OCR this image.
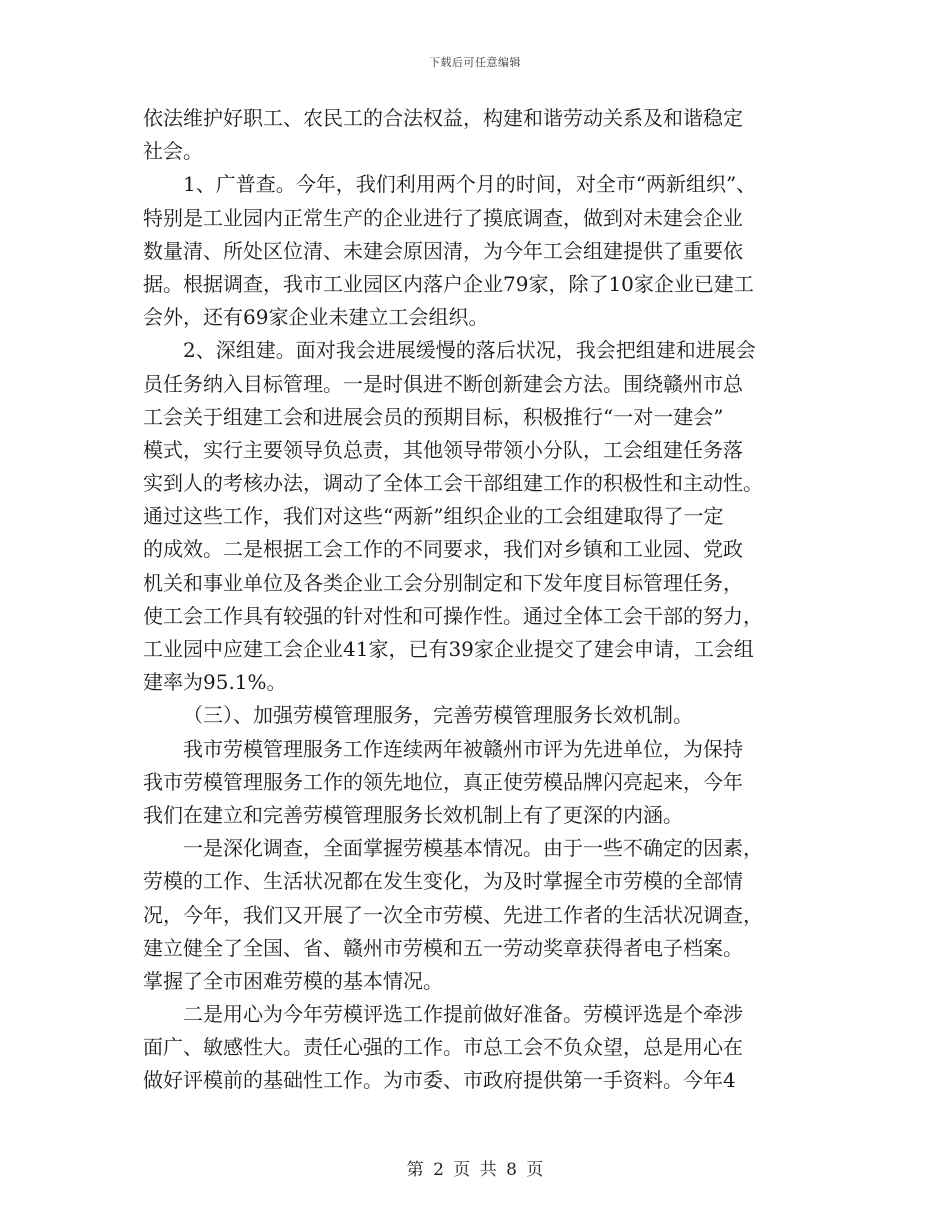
下载后可任意编辑
依法维护好职工、农民工的合法权益，构建和谐劳动关系及和谐稳定
社会。
1、广普查。今年，我们利用两个月的时间，对全市“两新组织”、
特别是工业园内正常生产的企业进行了摸底调查，做到对未建会企业
数量清、所处区位清、未建会原因清，为今年工会组建提供了重要依
据。根据调查，我市工业园区内落户企业79家，除了10家企业已建工
会外，还有69家企业未建立工会组织。
2、深组建。面对我会进展缓慢的落后状况，我会把组建和进展会
员任务纳入目标管理。一是时俱进不断创新建会方法。围绕赣州市总
工会关于组建工会和进展会员的预期目标，积极推行“一对一建会”
模式，实行主要领导负总责，其他领导带领小分队，工会组建任务落
实到人的考核办法，调动了全体工会干部组建工作的积极性和主动性。
通过这些工作，我们对这些“两新”组织企业的工会组建取得了一定
的成效。二是根据工会工作的不同要求，我们对乡镇和工业园、党政
机关和事业单位及各类企业工会分别制定和下发年度目标管理任务，
使工会工作具有较强的针对性和可操作性。通过全体工会干部的努力，
工业园中应建工会企业41家，已有39家企业提交了建会申请，工会组
建率为95.1%。
（三）、加强劳模管理服务，完善劳模管理服务长效机制。
我市劳模管理服务工作连续两年被赣州市评为先进单位，为保持
我市劳模管理服务工作的领先地位，真正使劳模品牌闪亮起来，今年
我们在建立和完善劳模管理服务长效机制上有了更深的内涵。
一是深化调查，全面掌握劳模基本情况。由于一些不确定的因素，
劳模的工作、生活状况都在发生变化，为及时掌握全市劳模的全部情
况，今年，我们又开展了一次全市劳模、先进工作者的生活状况调查，
建立健全了全国、省、赣州市劳模和五一劳动奖章获得者电子档案。
掌握了全市困难劳模的基本情况。
二是用心为今年劳模评选工作提前做好准备。劳模评选是个牵涉
面广、敏感性大。责任心强的工作。市总工会不负众望，总是用心在
做好评模前的基础性工作。为市委、市政府提供第一手资料。今年4
第 2 页 共 8 页
